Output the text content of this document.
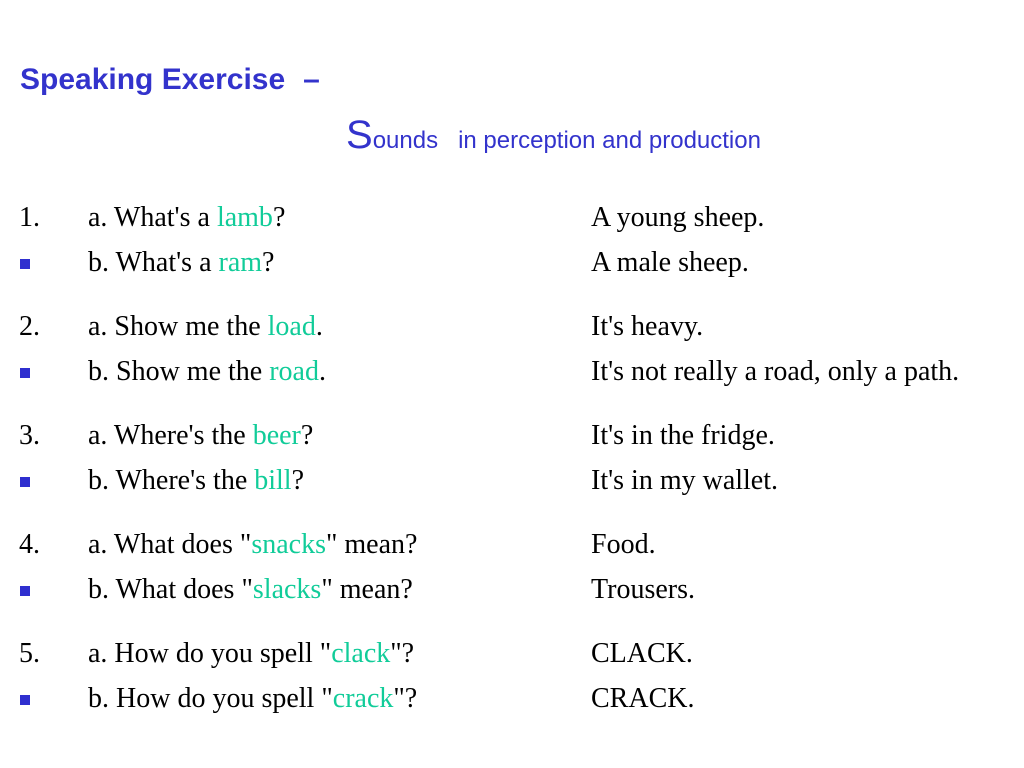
Speaking Exercise –
Sounds in perception and production
1. a. What's a lamb?	A young sheep.
b. What's a ram?	A male sheep.
2. a. Show me the load.	It's heavy.
b. Show me the road.	It's not really a road, only a path.
3. a. Where's the beer?	It's in the fridge.
b. Where's the bill?	It's in my wallet.
4. a. What does "snacks" mean?	Food.
b. What does "slacks" mean?	Trousers.
5. a. How do you spell "clack"?	CLACK.
b. How do you spell "crack"?	CRACK.
